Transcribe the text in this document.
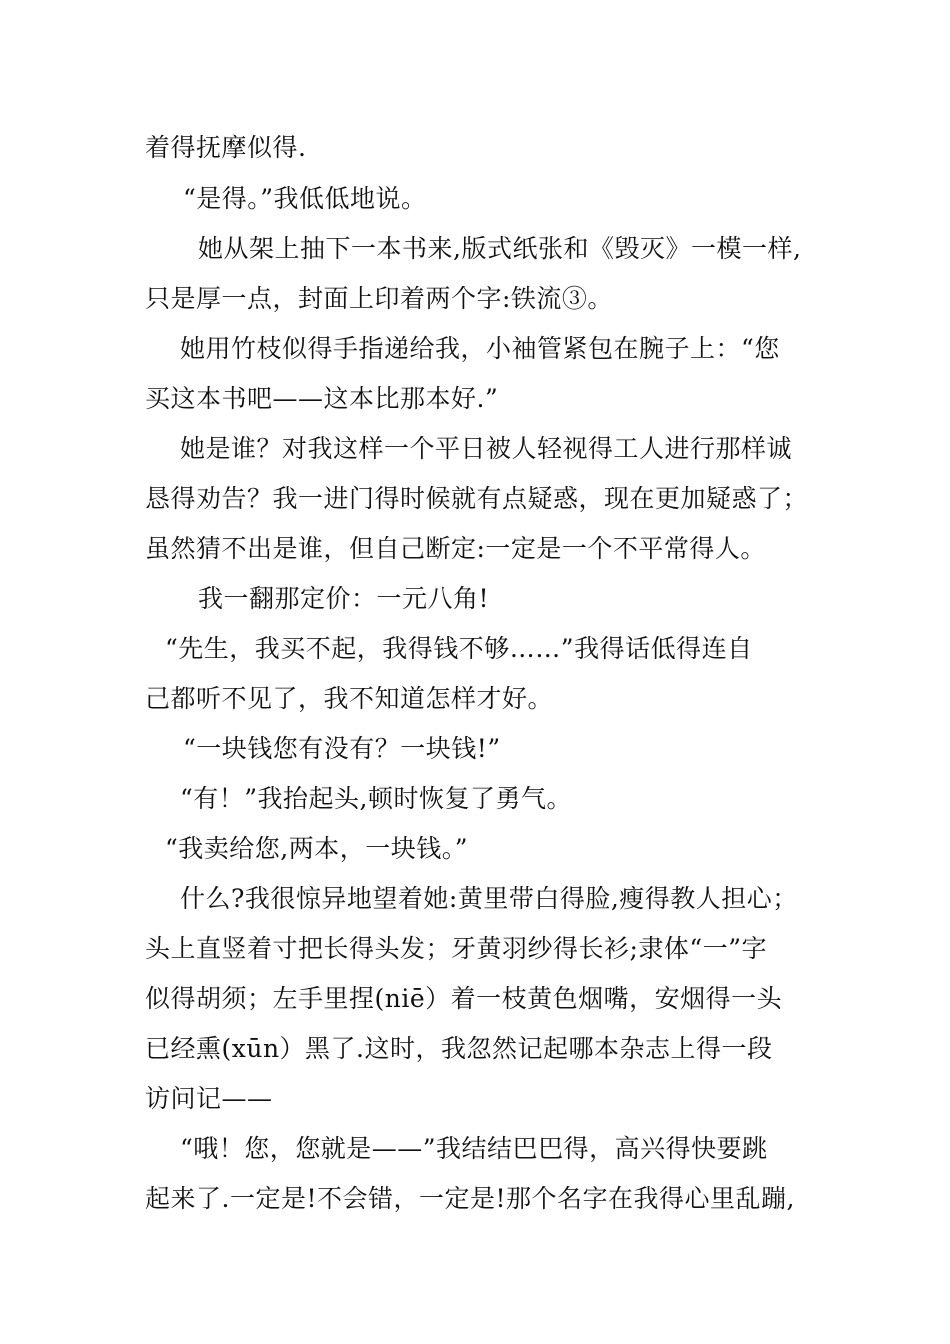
着得抚摩似得.
“是得。”我低低地说。
她从架上抽下一本书来,版式纸张和《毁灭》一模一样,
只是厚一点，封面上印着两个字:铁流③。
她用竹枝似得手指递给我，小袖管紧包在腕子上：“您
买这本书吧——这本比那本好.”
她是谁？对我这样一个平日被人轻视得工人进行那样诚
恳得劝告？我一进门得时候就有点疑惑，现在更加疑惑了；
虽然猜不出是谁，但自己断定:一定是一个不平常得人。
我一翻那定价：一元八角!
“先生，我买不起，我得钱不够……”我得话低得连自
己都听不见了，我不知道怎样才好。
“一块钱您有没有？一块钱!”
“有！”我抬起头,顿时恢复了勇气。
“我卖给您,两本，一块钱。”
什么?我很惊异地望着她:黄里带白得脸,瘦得教人担心；
头上直竖着寸把长得头发；牙黄羽纱得长衫;隶体“一”字
似得胡须；左手里捏(niē）着一枝黄色烟嘴，安烟得一头
已经熏(xūn）黑了.这时，我忽然记起哪本杂志上得一段
访问记——
“哦！您，您就是——”我结结巴巴得，高兴得快要跳
起来了.一定是!不会错，一定是!那个名字在我得心里乱蹦,
